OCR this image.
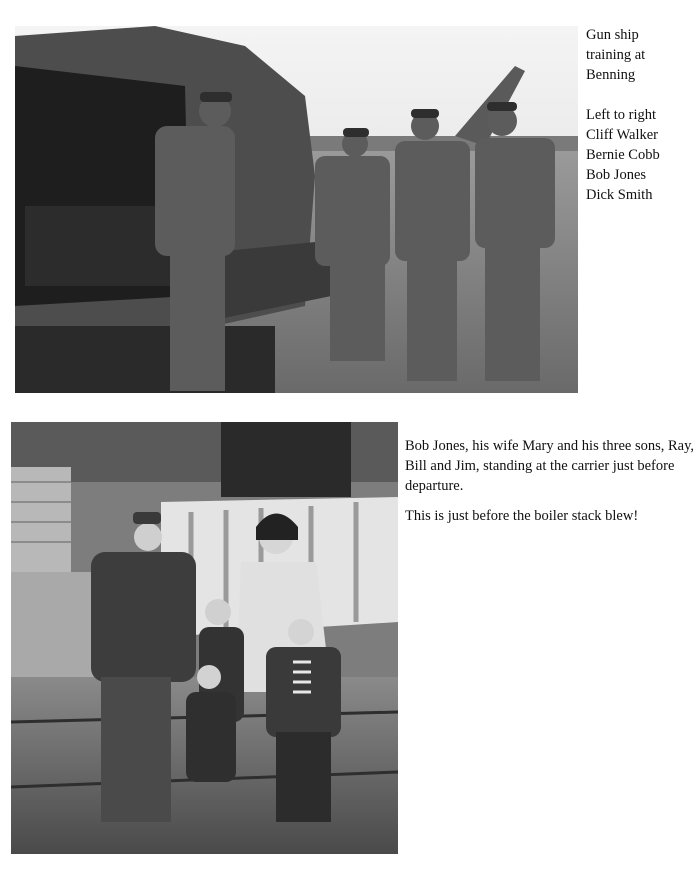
Gun ship
training at
Benning
Left to right
Cliff Walker
Bernie Cobb
Bob Jones
Dick Smith

Bob Jones, his wife Mary and his three sons, Ray, Bill and Jim, standing at the carrier just before departure.

This is just before the boiler stack blew!
